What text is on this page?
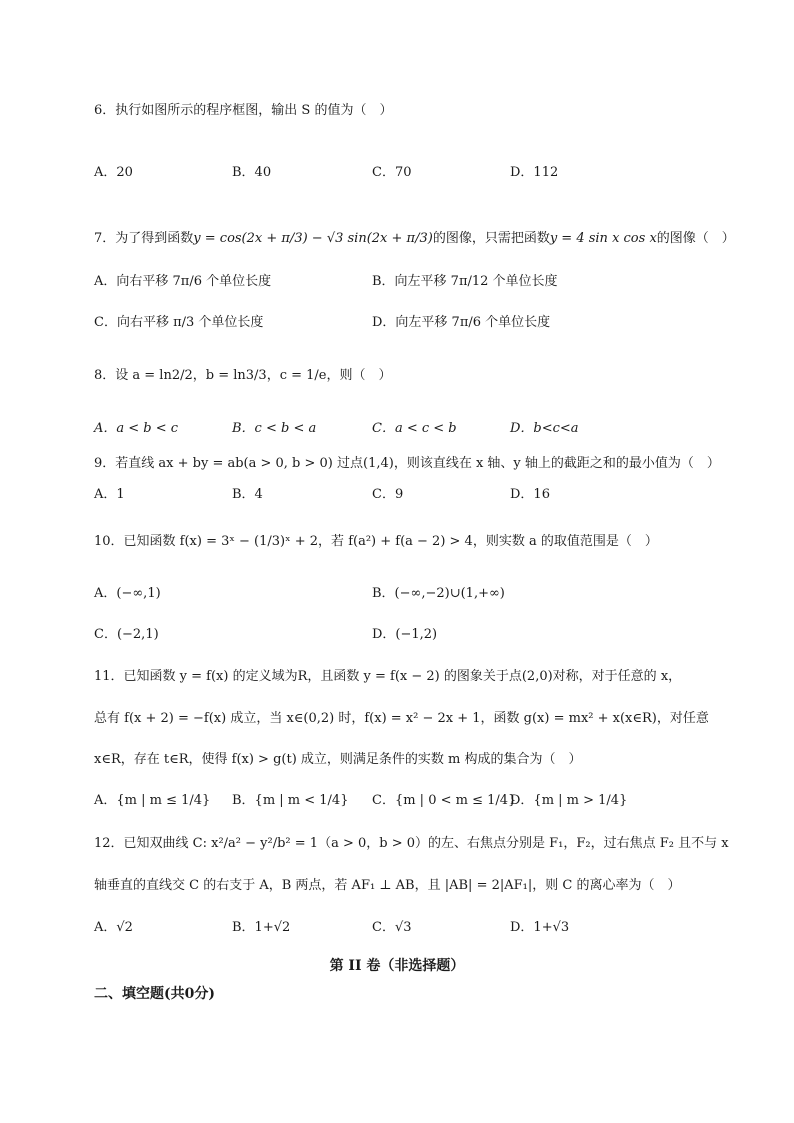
6．执行如图所示的程序框图，输出 S 的值为（　）
A．20	B．40	C．70	D．112
7．为了得到函数y = cos(2x + π/3) − √3 sin(2x + π/3)的图像，只需把函数y = 4 sin x cos x的图像（　）
A．向右平移 7π/6 个单位长度	B．向左平移 7π/12 个单位长度
C．向右平移 π/3 个单位长度	D．向左平移 7π/6 个单位长度
8．设 a = ln2/2，b = ln3/3，c = 1/e，则（　）
A．a < b < c	B．c < b < a	C．a < c < b	D．b<c<a
9．若直线 ax + by = ab(a > 0, b > 0) 过点(1,4)，则该直线在 x 轴、y 轴上的截距之和的最小值为（　）
A．1	B．4	C．9	D．16
10．已知函数 f(x) = 3ˣ − (1/3)ˣ + 2，若 f(a²) + f(a − 2) > 4，则实数 a 的取值范围是（　）
A．(−∞,1)	B．(−∞,−2)∪(1,+∞)
C．(−2,1)	D．(−1,2)
11．已知函数 y = f(x) 的定义域为R，且函数 y = f(x − 2) 的图象关于点(2,0)对称，对于任意的 x，
总有 f(x + 2) = −f(x) 成立，当 x∈(0,2) 时，f(x) = x² − 2x + 1，函数 g(x) = mx² + x(x∈R)，对任意
x∈R，存在 t∈R，使得 f(x) > g(t) 成立，则满足条件的实数 m 构成的集合为（　）
A．{m | m ≤ 1/4} B．{m | m < 1/4} C．{m | 0 < m ≤ 1/4}
D．{m | m > 1/4}
12．已知双曲线 C: x²/a² − y²/b² = 1（a > 0，b > 0）的左、右焦点分别是 F₁，F₂，过右焦点 F₂ 且不与 x
轴垂直的直线交 C 的右支于 A，B 两点，若 AF₁ ⊥ AB，且 |AB| = 2|AF₁|，则 C 的离心率为（　）
A．√2	B．1+√2	C．√3	D．1+√3
第 II 卷（非选择题）
二、填空题(共0分)
